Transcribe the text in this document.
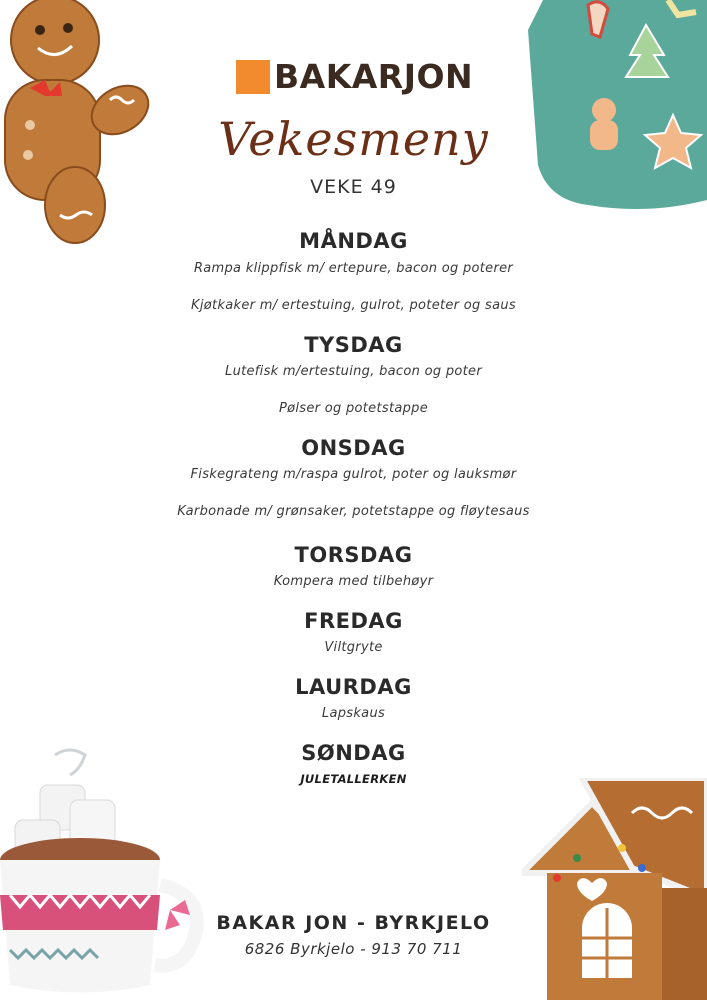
BAKARJON
Vekesmeny
VEKE 49
MÅNDAG
Rampa klippfisk m/ ertepure, bacon og poterer
Kjøtkaker m/ ertestuing, gulrot, poteter og saus
TYSDAG
Lutefisk m/ertestuing, bacon og poter
Pølser og potetstappe
ONSDAG
Fiskegrateng m/raspa gulrot, poter og lauksmør
Karbonade m/ grønsaker, potetstappe og fløytesaus
TORSDAG
Kompera med tilbehøyr
FREDAG
Viltgryte
LAURDAG
Lapskaus
SØNDAG
JULETALLERKEN
BAKAR JON - BYRKJELO
6826 Byrkjelo - 913 70 711
